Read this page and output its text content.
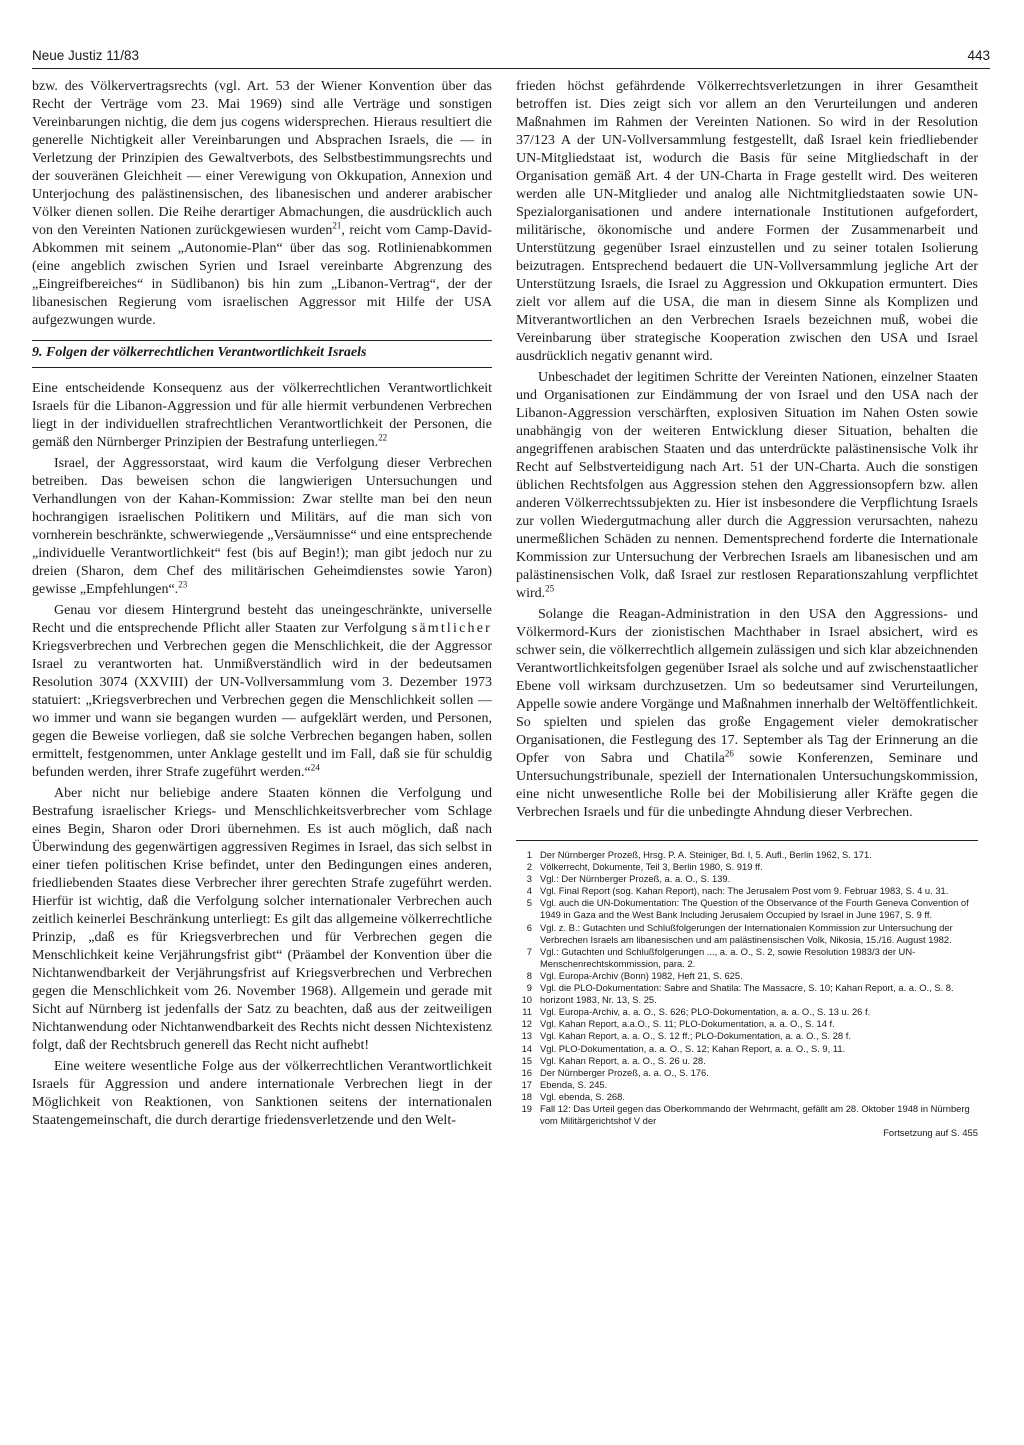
Neue Justiz 11/83	443

bzw. des Völkervertragsrechts (vgl. Art. 53 der Wiener Konvention über das Recht der Verträge vom 23. Mai 1969) sind alle Verträge und sonstigen Vereinbarungen nichtig, die dem jus cogens widersprechen. Hieraus resultiert die generelle Nichtigkeit aller Vereinbarungen und Absprachen Israels, die — in Verletzung der Prinzipien des Gewaltverbots, des Selbstbestimmungsrechts und der souveränen Gleichheit — einer Verewigung von Okkupation, Annexion und Unterjochung des palästinensischen, des libanesischen und anderer arabischer Völker dienen sollen. Die Reihe derartiger Abmachungen, die ausdrücklich auch von den Vereinten Nationen zurückgewiesen wurden$^{21}$, reicht vom Camp-David-Abkommen mit seinem „Autonomie-Plan“ über das sog. Rotlinienabkommen (eine angeblich zwischen Syrien und Israel vereinbarte Abgrenzung des „Eingreifbereiches“ in Südlibanon) bis hin zum „Libanon-Vertrag“, der der libanesischen Regierung vom israelischen Aggressor mit Hilfe der USA aufgezwungen wurde.

9. Folgen der völkerrechtlichen Verantwortlichkeit Israels

Eine entscheidende Konsequenz aus der völkerrechtlichen Verantwortlichkeit Israels für die Libanon-Aggression und für alle hiermit verbundenen Verbrechen liegt in der individuellen strafrechtlichen Verantwortlichkeit der Personen, die gemäß den Nürnberger Prinzipien der Bestrafung unterliegen.$^{22}$

Israel, der Aggressorstaat, wird kaum die Verfolgung dieser Verbrechen betreiben. Das beweisen schon die langwierigen Untersuchungen und Verhandlungen von der Kahan-Kommission: Zwar stellte man bei den neun hochrangigen israelischen Politikern und Militärs, auf die man sich von vornherein beschränkte, schwerwiegende „Versäumnisse“ und eine entsprechende „individuelle Verantwortlichkeit“ fest (bis auf Begin!); man gibt jedoch nur zu dreien (Sharon, dem Chef des militärischen Geheimdienstes sowie Yaron) gewisse „Empfehlungen“.$^{23}$

Genau vor diesem Hintergrund besteht das uneingeschränkte, universelle Recht und die entsprechende Pflicht aller Staaten zur Verfolgung sämtlicher Kriegsverbrechen und Verbrechen gegen die Menschlichkeit, die der Aggressor Israel zu verantworten hat. Unmißverständlich wird in der bedeutsamen Resolution 3074 (XXVIII) der UN-Vollversammlung vom 3. Dezember 1973 statuiert: „Kriegsverbrechen und Verbrechen gegen die Menschlichkeit sollen — wo immer und wann sie begangen wurden — aufgeklärt werden, und Personen, gegen die Beweise vorliegen, daß sie solche Verbrechen begangen haben, sollen ermittelt, festgenommen, unter Anklage gestellt und im Fall, daß sie für schuldig befunden werden, ihrer Strafe zugeführt werden.“$^{24}$

Aber nicht nur beliebige andere Staaten können die Verfolgung und Bestrafung israelischer Kriegs- und Menschlichkeitsverbrecher vom Schlage eines Begin, Sharon oder Drori übernehmen. Es ist auch möglich, daß nach Überwindung des gegenwärtigen aggressiven Regimes in Israel, das sich selbst in einer tiefen politischen Krise befindet, unter den Bedingungen eines anderen, friedliebenden Staates diese Verbrecher ihrer gerechten Strafe zugeführt werden. Hierfür ist wichtig, daß die Verfolgung solcher internationaler Verbrechen auch zeitlich keinerlei Beschränkung unterliegt: Es gilt das allgemeine völkerrechtliche Prinzip, „daß es für Kriegsverbrechen und für Verbrechen gegen die Menschlichkeit keine Verjährungsfrist gibt“ (Präambel der Konvention über die Nichtanwendbarkeit der Verjährungsfrist auf Kriegsverbrechen und Verbrechen gegen die Menschlichkeit vom 26. November 1968). Allgemein und gerade mit Sicht auf Nürnberg ist jedenfalls der Satz zu beachten, daß aus der zeitweiligen Nichtanwendung oder Nichtanwendbarkeit des Rechts nicht dessen Nichtexistenz folgt, daß der Rechtsbruch generell das Recht nicht aufhebt!

Eine weitere wesentliche Folge aus der völkerrechtlichen Verantwortlichkeit Israels für Aggression und andere internationale Verbrechen liegt in der Möglichkeit von Reaktionen, von Sanktionen seitens der internationalen Staatengemeinschaft, die durch derartige friedensverletzende und den Welt-

frieden höchst gefährdende Völkerrechtsverletzungen in ihrer Gesamtheit betroffen ist. Dies zeigt sich vor allem an den Verurteilungen und anderen Maßnahmen im Rahmen der Vereinten Nationen. So wird in der Resolution 37/123 A der UN-Vollversammlung festgestellt, daß Israel kein friedliebender UN-Mitgliedstaat ist, wodurch die Basis für seine Mitgliedschaft in der Organisation gemäß Art. 4 der UN-Charta in Frage gestellt wird. Des weiteren werden alle UN-Mitglieder und analog alle Nichtmitgliedstaaten sowie UN-Spezialorganisationen und andere internationale Institutionen aufgefordert, militärische, ökonomische und andere Formen der Zusammenarbeit und Unterstützung gegenüber Israel einzustellen und zu seiner totalen Isolierung beizutragen. Entsprechend bedauert die UN-Vollversammlung jegliche Art der Unterstützung Israels, die Israel zu Aggression und Okkupation ermuntert. Dies zielt vor allem auf die USA, die man in diesem Sinne als Komplizen und Mitverantwortlichen an den Verbrechen Israels bezeichnen muß, wobei die Vereinbarung über strategische Kooperation zwischen den USA und Israel ausdrücklich negativ genannt wird.

Unbeschadet der legitimen Schritte der Vereinten Nationen, einzelner Staaten und Organisationen zur Eindämmung der von Israel und den USA nach der Libanon-Aggression verschärften, explosiven Situation im Nahen Osten sowie unabhängig von der weiteren Entwicklung dieser Situation, behalten die angegriffenen arabischen Staaten und das unterdrückte palästinensische Volk ihr Recht auf Selbstverteidigung nach Art. 51 der UN-Charta. Auch die sonstigen üblichen Rechtsfolgen aus Aggression stehen den Aggressionsopfern bzw. allen anderen Völkerrechtssubjekten zu. Hier ist insbesondere die Verpflichtung Israels zur vollen Wiedergutmachung aller durch die Aggression verursachten, nahezu unermeßlichen Schäden zu nennen. Dementsprechend forderte die Internationale Kommission zur Untersuchung der Verbrechen Israels am libanesischen und am palästinensischen Volk, daß Israel zur restlosen Reparationszahlung verpflichtet wird.$^{25}$

Solange die Reagan-Administration in den USA den Aggressions- und Völkermord-Kurs der zionistischen Machthaber in Israel absichert, wird es schwer sein, die völkerrechtlich allgemein zulässigen und sich klar abzeichnenden Verantwortlichkeitsfolgen gegenüber Israel als solche und auf zwischenstaatlicher Ebene voll wirksam durchzusetzen. Um so bedeutsamer sind Verurteilungen, Appelle sowie andere Vorgänge und Maßnahmen innerhalb der Weltöffentlichkeit. So spielten und spielen das große Engagement vieler demokratischer Organisationen, die Festlegung des 17. September als Tag der Erinnerung an die Opfer von Sabra und Chatila$^{26}$ sowie Konferenzen, Seminare und Untersuchungstribunale, speziell der Internationalen Untersuchungskommission, eine nicht unwesentliche Rolle bei der Mobilisierung aller Kräfte gegen die Verbrechen Israels und für die unbedingte Ahndung dieser Verbrechen.

1 Der Nürnberger Prozeß, Hrsg. P. A. Steiniger, Bd. I, 5. Aufl., Berlin 1962, S. 171.
2 Völkerrecht, Dokumente, Teil 3, Berlin 1980, S. 919 ff.
3 Vgl.: Der Nürnberger Prozeß, a. a. O., S. 139.
4 Vgl. Final Report (sog. Kahan Report), nach: The Jerusalem Post vom 9. Februar 1983, S. 4 u. 31.
5 Vgl. auch die UN-Dokumentation: The Question of the Observance of the Fourth Geneva Convention of 1949 in Gaza and the West Bank Including Jerusalem Occupied by Israel in June 1967, S. 9 ff.
6 Vgl. z. B.: Gutachten und Schlußfolgerungen der Internationalen Kommission zur Untersuchung der Verbrechen Israels am libanesischen und am palästinensischen Volk, Nikosia, 15./16. August 1982.
7 Vgl.: Gutachten und Schlußfolgerungen ..., a. a. O., S. 2, sowie Resolution 1983/3 der UN-Menschenrechtskommission, para. 2.
8 Vgl. Europa-Archiv (Bonn) 1982, Heft 21, S. 625.
9 Vgl. die PLO-Dokumentation: Sabre and Shatila: The Massacre, S. 10; Kahan Report, a. a. O., S. 8.
10 horizont 1983, Nr. 13, S. 25.
11 Vgl. Europa-Archiv, a. a. O., S. 626; PLO-Dokumentation, a. a. O., S. 13 u. 26 f.
12 Vgl. Kahan Report, a.a.O., S. 11; PLO-Dokumentation, a. a. O., S. 14 f.
13 Vgl. Kahan Report, a. a. O., S. 12 ff.; PLO-Dokumentation, a. a. O., S. 28 f.
14 Vgl. PLO-Dokumentation, a. a. O., S. 12; Kahan Report, a. a. O., S. 9, 11.
15 Vgl. Kahan Report, a. a. O., S. 26 u. 28.
16 Der Nürnberger Prozeß, a. a. O., S. 176.
17 Ebenda, S. 245.
18 Vgl. ebenda, S. 268.
19 Fall 12: Das Urteil gegen das Oberkommando der Wehrmacht, gefällt am 28. Oktober 1948 in Nürnberg vom Militärgerichtshof V der
Fortsetzung auf S. 455
